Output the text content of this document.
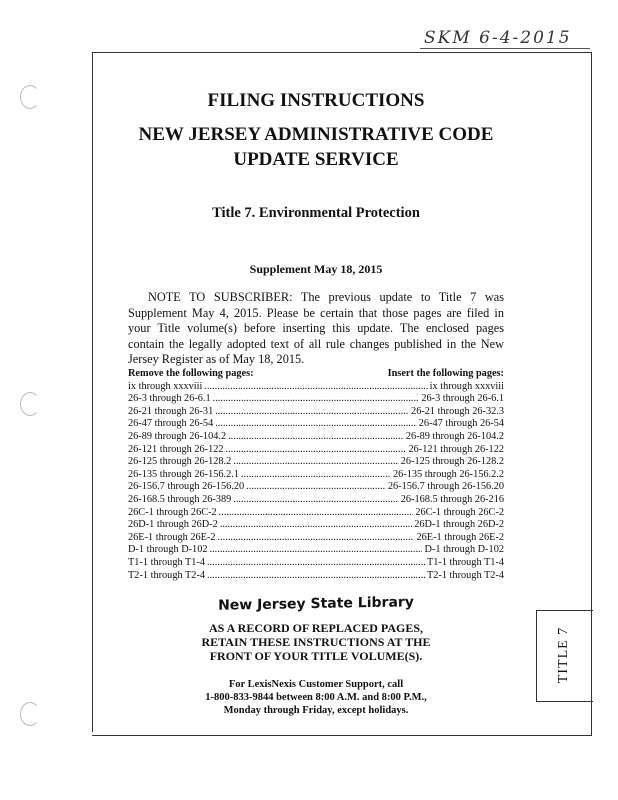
SKM 6-4-2015
TITLE 7
FILING INSTRUCTIONS
NEW JERSEY ADMINISTRATIVE CODE
UPDATE SERVICE
Title 7. Environmental Protection
Supplement May 18, 2015
NOTE TO SUBSCRIBER: The previous update to Title 7 was Supplement May 4, 2015. Please be certain that those pages are filed in your Title volume(s) before inserting this update. The enclosed pages contain the legally adopted text of all rule changes published in the New Jersey Register as of May 18, 2015.
Remove the following pages:	Insert the following pages:
ix through xxxviii .....	ix through xxxviii
26-3 through 26-6.1 .....	26-3 through 26-6.1
26-21 through 26-31 .....	26-21 through 26-32.3
26-47 through 26-54 .....	26-47 through 26-54
26-89 through 26-104.2 .....	26-89 through 26-104.2
26-121 through 26-122 .....	26-121 through 26-122
26-125 through 26-128.2 .....	26-125 through 26-128.2
26-135 through 26-156.2.1 .....	26-135 through 26-156.2.2
26-156.7 through 26-156.20 .....	26-156.7 through 26-156.20
26-168.5 through 26-389 .....	26-168.5 through 26-216
26C-1 through 26C-2 .....	26C-1 through 26C-2
26D-1 through 26D-2 .....	26D-1 through 26D-2
26E-1 through 26E-2 .....	26E-1 through 26E-2
D-1 through D-102 .....	D-1 through D-102
T1-1 through T1-4 .....	T1-1 through T1-4
T2-1 through T2-4 .....	T2-1 through T2-4
New Jersey State Library
AS A RECORD OF REPLACED PAGES,
RETAIN THESE INSTRUCTIONS AT THE
FRONT OF YOUR TITLE VOLUME(S).
For LexisNexis Customer Support, call
1-800-833-9844 between 8:00 A.M. and 8:00 P.M.,
Monday through Friday, except holidays.
